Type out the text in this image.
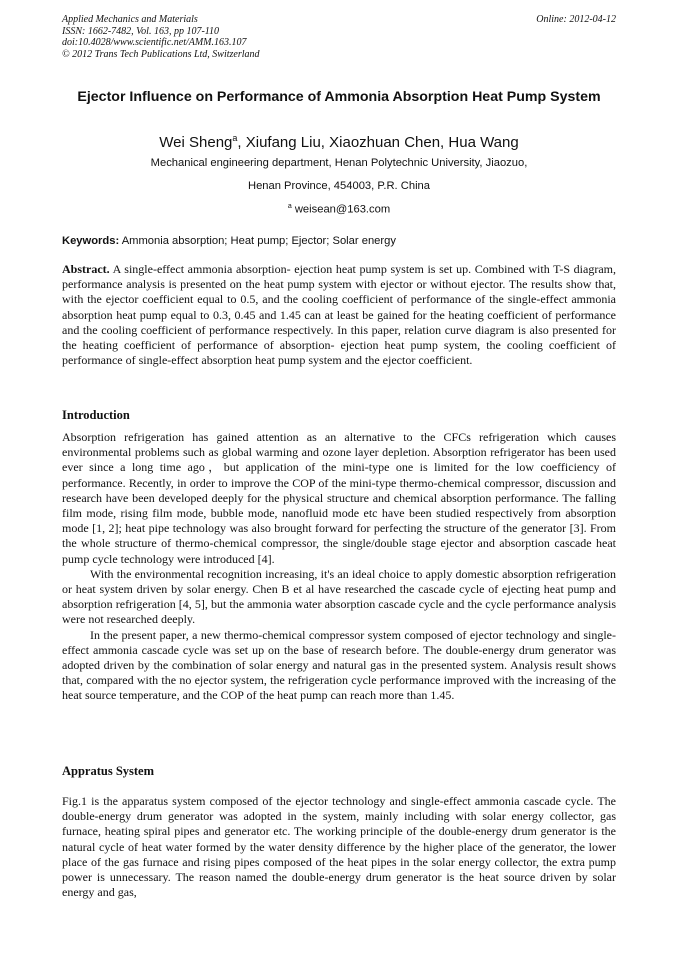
Applied Mechanics and Materials
ISSN: 1662-7482, Vol. 163, pp 107-110
doi:10.4028/www.scientific.net/AMM.163.107
© 2012 Trans Tech Publications Ltd, Switzerland
Online: 2012-04-12
Ejector Influence on Performance of Ammonia Absorption Heat Pump System
Wei Sheng$^a$, Xiufang Liu, Xiaozhuan Chen, Hua Wang
Mechanical engineering department, Henan Polytechnic University, Jiaozuo,
Henan Province, 454003, P.R. China
$^a$ weisean@163.com
Keywords: Ammonia absorption; Heat pump; Ejector; Solar energy
Abstract. A single-effect ammonia absorption- ejection heat pump system is set up. Combined with T-S diagram, performance analysis is presented on the heat pump system with ejector or without ejector. The results show that, with the ejector coefficient equal to 0.5, and the cooling coefficient of performance of the single-effect ammonia absorption heat pump equal to 0.3, 0.45 and 1.45 can at least be gained for the heating coefficient of performance and the cooling coefficient of performance respectively. In this paper, relation curve diagram is also presented for the heating coefficient of performance of absorption- ejection heat pump system, the cooling coefficient of performance of single-effect absorption heat pump system and the ejector coefficient.
Introduction

Absorption refrigeration has gained attention as an alternative to the CFCs refrigeration which causes environmental problems such as global warming and ozone layer depletion. Absorption refrigerator has been used ever since a long time ago，but application of the mini-type one is limited for the low coefficiency of performance. Recently, in order to improve the COP of the mini-type thermo-chemical compressor, discussion and research have been developed deeply for the physical structure and chemical absorption performance. The falling film mode, rising film mode, bubble mode, nanofluid mode etc have been studied respectively from absorption mode [1, 2]; heat pipe technology was also brought forward for perfecting the structure of the generator [3]. From the whole structure of thermo-chemical compressor, the single/double stage ejector and absorption cascade heat pump cycle technology were introduced [4].

With the environmental recognition increasing, it's an ideal choice to apply domestic absorption refrigeration or heat system driven by solar energy. Chen B et al have researched the cascade cycle of ejecting heat pump and absorption refrigeration [4, 5], but the ammonia water absorption cascade cycle and the cycle performance analysis were not researched deeply.

In the present paper, a new thermo-chemical compressor system composed of ejector technology and single-effect ammonia cascade cycle was set up on the base of research before. The double-energy drum generator was adopted driven by the combination of solar energy and natural gas in the presented system. Analysis result shows that, compared with the no ejector system, the refrigeration cycle performance improved with the increasing of the heat source temperature, and the COP of the heat pump can reach more than 1.45.

Appratus System

Fig.1 is the apparatus system composed of the ejector technology and single-effect ammonia cascade cycle. The double-energy drum generator was adopted in the system, mainly including with solar energy collector, gas furnace, heating spiral pipes and generator etc. The working principle of the double-energy drum generator is the natural cycle of heat water formed by the water density difference by the higher place of the generator, the lower place of the gas furnace and rising pipes composed of the heat pipes in the solar energy collector, the extra pump power is unnecessary. The reason named the double-energy drum generator is the heat source driven by solar energy and gas,
